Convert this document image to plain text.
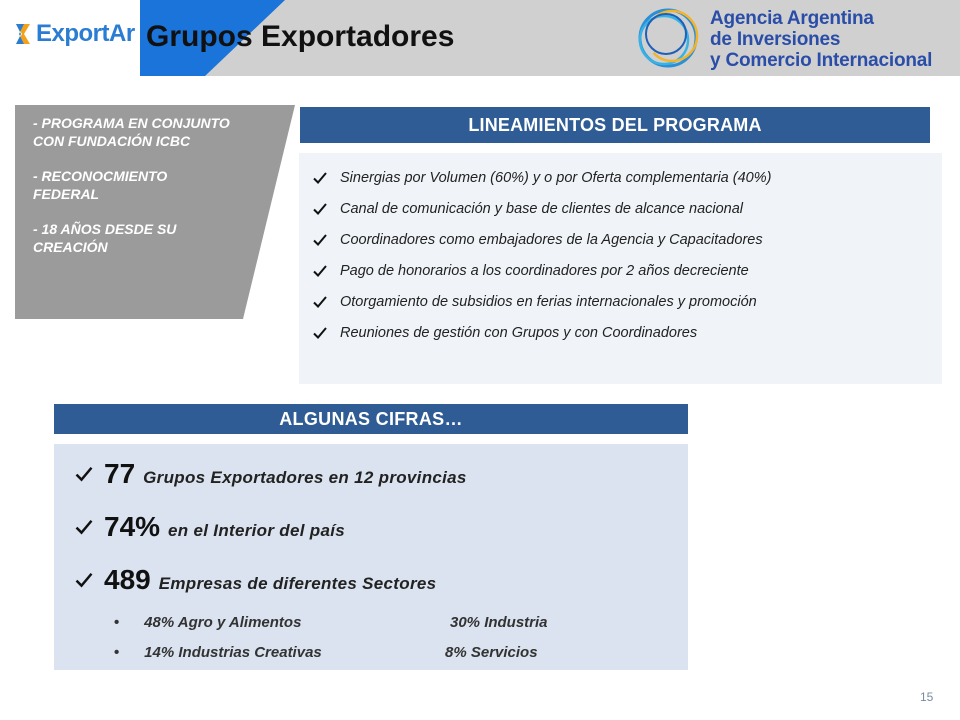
ExportAr Grupos Exportadores
Agencia Argentina
de Inversiones
y Comercio Internacional
- PROGRAMA EN CONJUNTO CON FUNDACIÓN ICBC
- RECONOCMIENTO FEDERAL
- 18 AÑOS DESDE SU CREACIÓN
LINEAMIENTOS DEL PROGRAMA
Sinergias por Volumen (60%) y o por Oferta complementaria (40%)
Canal de comunicación y base de clientes de alcance nacional
Coordinadores como embajadores de la Agencia y Capacitadores
Pago de honorarios a los coordinadores por 2 años decreciente
Otorgamiento de subsidios en ferias internacionales y promoción
Reuniones de gestión con Grupos y con Coordinadores
ALGUNAS CIFRAS…
77 Grupos Exportadores en 12 provincias
74% en el Interior del país
489 Empresas de diferentes Sectores
• 48% Agro y Alimentos	30% Industria
• 14% Industrias Creativas	8% Servicios
15
